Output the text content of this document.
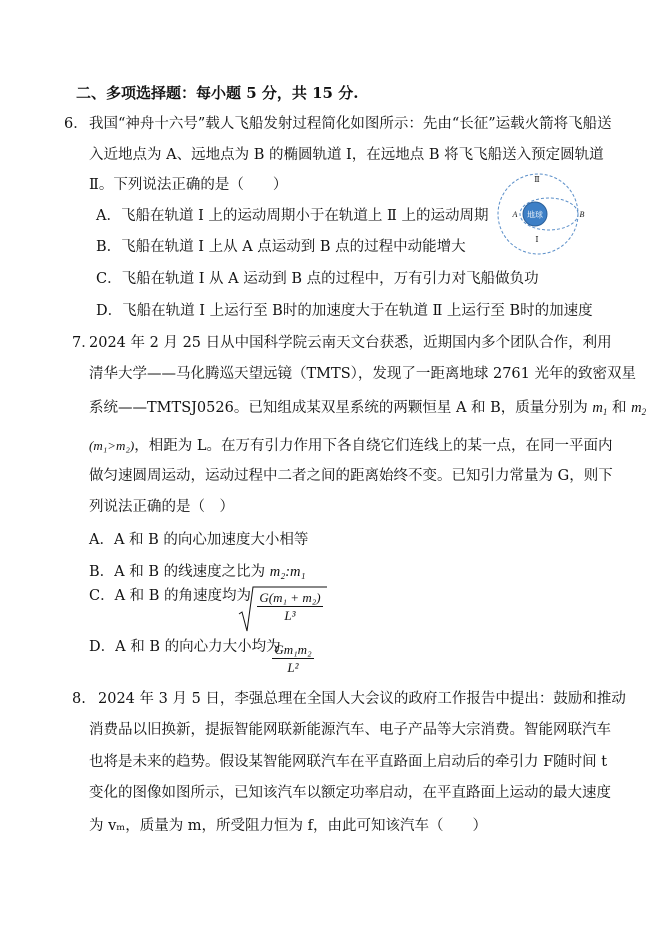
二、多项选择题：每小题 5 分，共 15 分.
6． 我国“神舟十六号”载人飞船发射过程简化如图所示：先由“长征”运载火箭将飞船送
入近地点为 A、远地点为 B 的椭圆轨道 Ⅰ，在远地点 B 将飞飞船送入预定圆轨道
Ⅱ。下列说法正确的是（　　）
A．飞船在轨道 Ⅰ 上的运动周期小于在轨道上 Ⅱ 上的运动周期
B．飞船在轨道 Ⅰ 上从 A 点运动到 B 点的过程中动能增大
C．飞船在轨道 Ⅰ 从 A 运动到 B 点的过程中，万有引力对飞船做负功
D．飞船在轨道 Ⅰ 上运行至 B时的加速度大于在轨道 Ⅱ 上运行至 B时的加速度
地球
Ⅱ
Ⅰ
A	B
7．
2024 年 2 月 25 日从中国科学院云南天文台获悉，近期国内多个团队合作，利用
清华大学——马化腾巡天望远镜（TMTS），发现了一距离地球 2761 光年的致密双星
系统——TMTSJ0526。已知组成某双星系统的两颗恒星 A 和 B，质量分别为 $m_1$ 和 $m_2$
(m₁>m₂)，相距为 L。在万有引力作用下各自绕它们连线上的某一点，在同一平面内
做匀速圆周运动，运动过程中二者之间的距离始终不变。已知引力常量为 G，则下
列说法正确的是（　）
A．A 和 B 的向心加速度大小相等
B．A 和 B 的线速度之比为 m₂:m₁
C．A 和 B 的角速度均为 $\frac{\text{G(m₁ + m₂)}}{\text{L³}}$
D．A 和 B 的向心力大小均为
$\frac{\text{Gm₁m₂}}{\text{L²}}$
8. 2024 年 3 月 5 日，李强总理在全国人大会议的政府工作报告中提出：鼓励和推动
消费品以旧换新，提振智能网联新能源汽车、电子产品等大宗消费。智能网联汽车
也将是未来的趋势。假设某智能网联汽车在平直路面上启动后的牵引力 F随时间 t
变化的图像如图所示，已知该汽车以额定功率启动，在平直路面上运动的最大速度
为 vₘ，质量为 m，所受阻力恒为 f，由此可知该汽车（　　）
